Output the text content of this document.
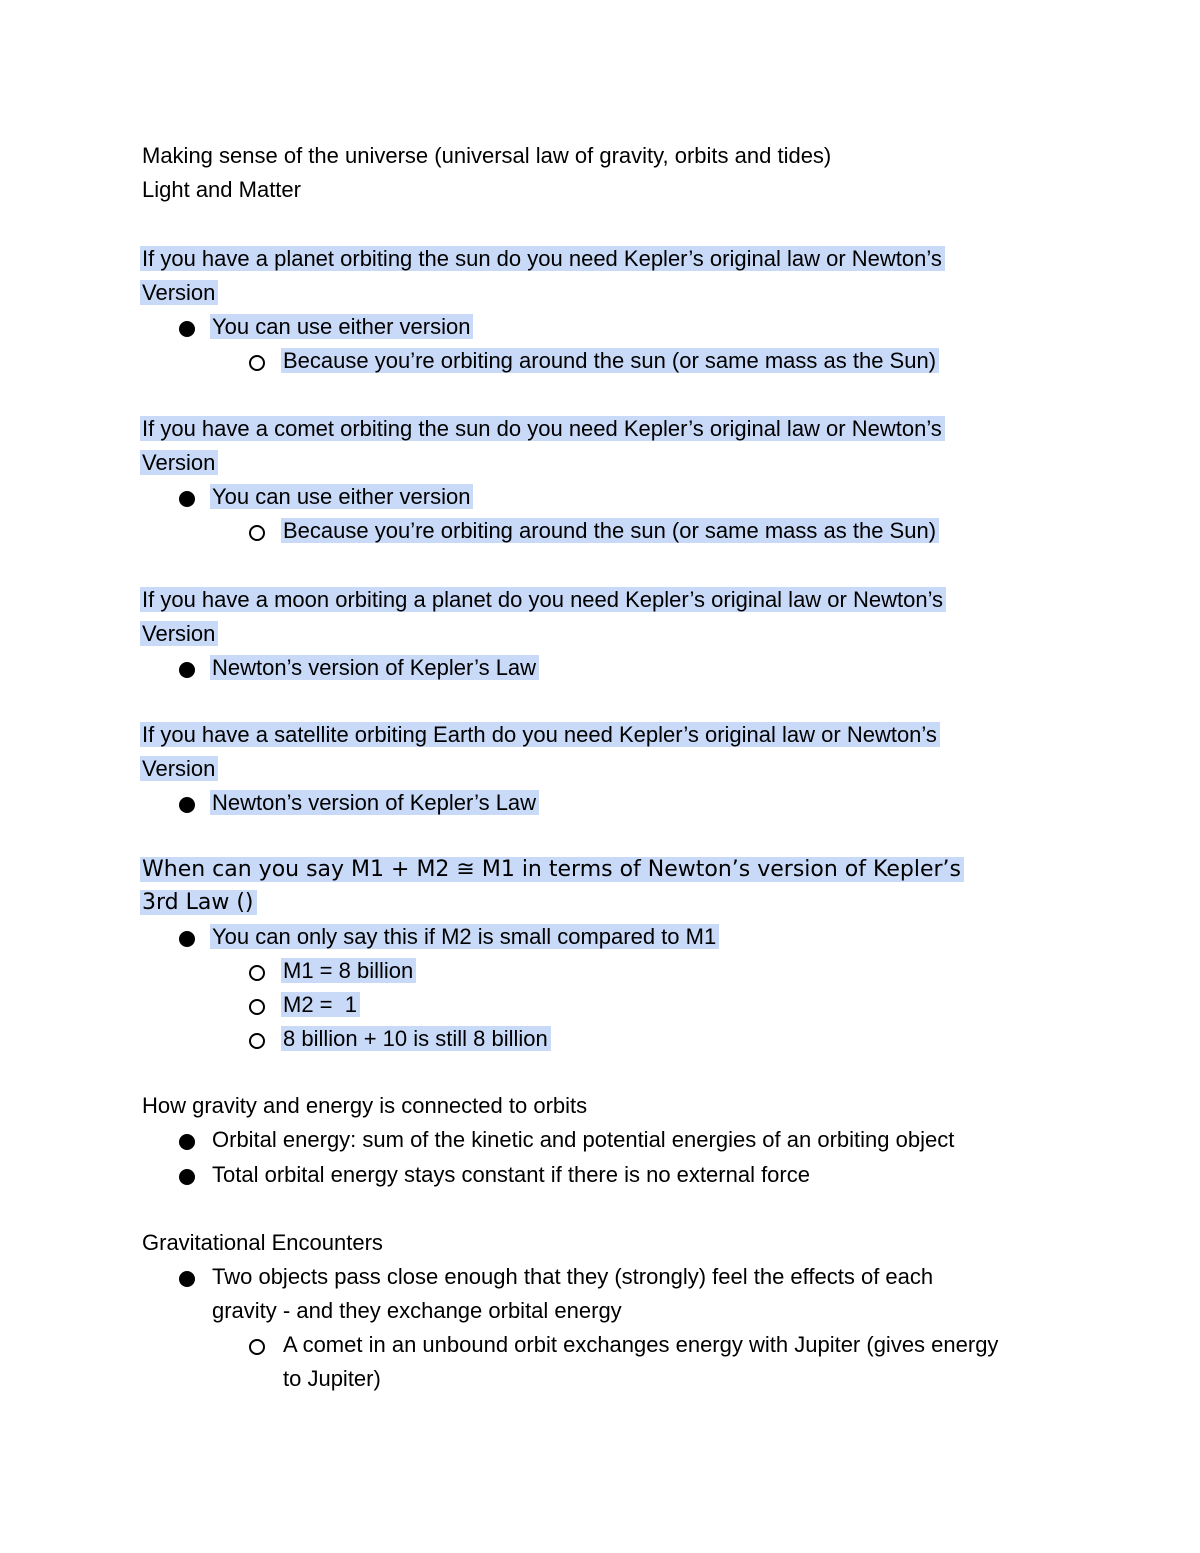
Making sense of the universe (universal law of gravity, orbits and tides)
Light and Matter
If you have a planet orbiting the sun do you need Kepler’s original law or Newton’s
Version
You can use either version
Because you’re orbiting around the sun (or same mass as the Sun)
If you have a comet orbiting the sun do you need Kepler’s original law or Newton’s
Version
You can use either version
Because you’re orbiting around the sun (or same mass as the Sun)
If you have a moon orbiting a planet do you need Kepler’s original law or Newton’s
Version
Newton’s version of Kepler’s Law
If you have a satellite orbiting Earth do you need Kepler’s original law or Newton’s
Version
Newton’s version of Kepler’s Law
When can you say M1 + M2 ≅ M1 in terms of Newton’s version of Kepler’s
3rd Law ()
You can only say this if M2 is small compared to M1
M1 = 8 billion
M2 =  1
8 billion + 10 is still 8 billion
How gravity and energy is connected to orbits
Orbital energy: sum of the kinetic and potential energies of an orbiting object
Total orbital energy stays constant if there is no external force
Gravitational Encounters
Two objects pass close enough that they (strongly) feel the effects of each
gravity - and they exchange orbital energy
A comet in an unbound orbit exchanges energy with Jupiter (gives energy
to Jupiter)
